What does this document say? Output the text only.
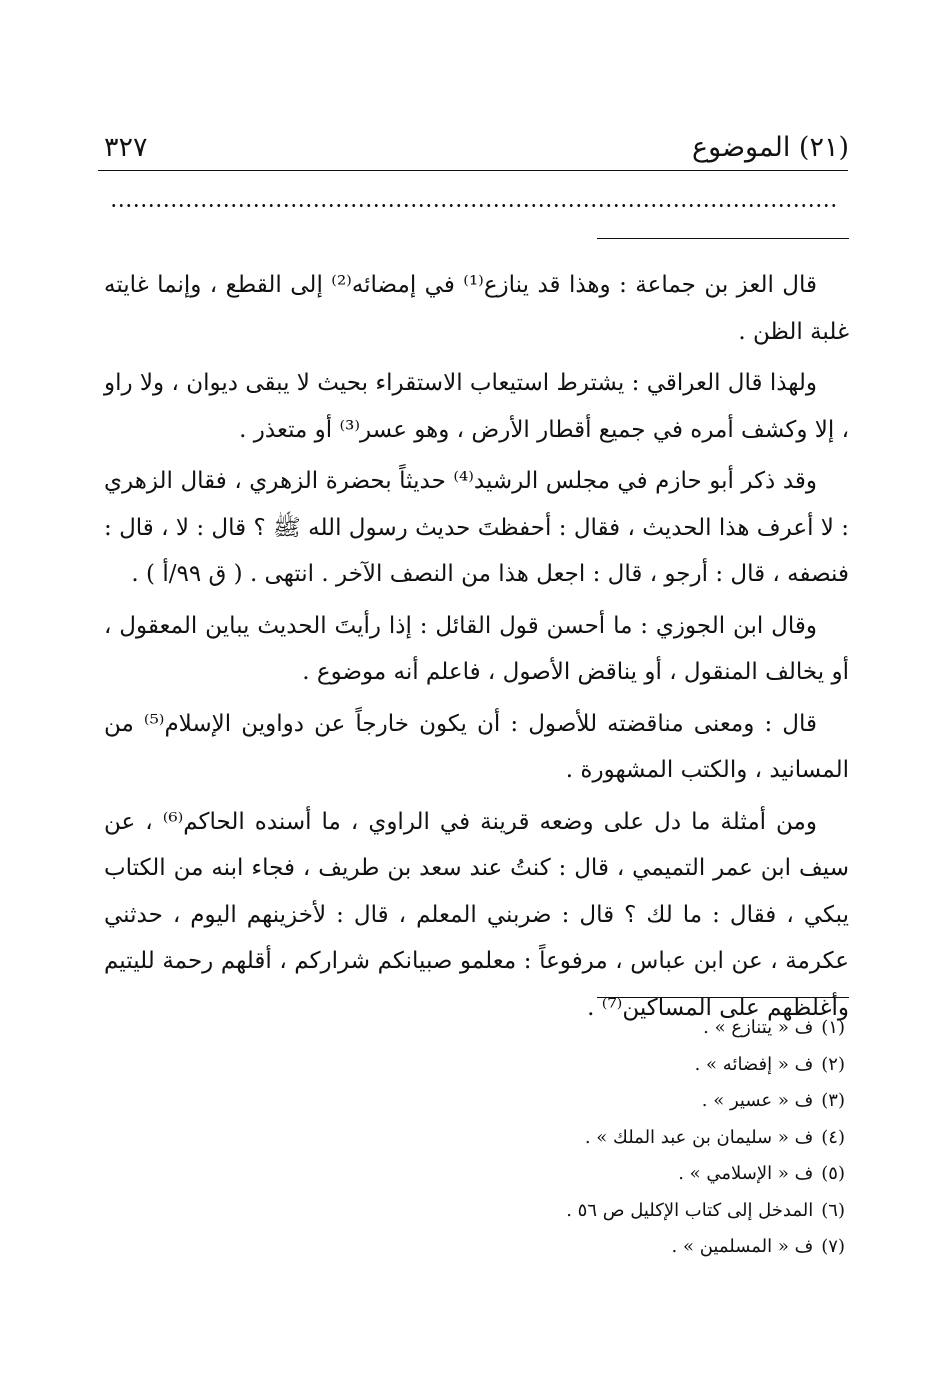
(٢١) الموضوع
٣٢٧

قال العز بن جماعة : وهذا قد ينازع⁽¹⁾ في إمضائه⁽²⁾ إلى القطع ، وإنما غايته غلبة الظن .

ولهذا قال العراقي : يشترط استيعاب الاستقراء بحيث لا يبقى ديوان ، ولا راو ، إلا وكشف أمره في جميع أقطار الأرض ، وهو عسر⁽³⁾ أو متعذر .

وقد ذكر أبو حازم في مجلس الرشيد⁽⁴⁾ حديثاً بحضرة الزهري ، فقال الزهري : لا أعرف هذا الحديث ، فقال : أحفظتَ حديث رسول الله ﷺ ؟ قال : لا ، قال : فنصفه ، قال : أرجو ، قال : اجعل هذا من النصف الآخر . انتهى . ( ق ٩٩/أ ) .

وقال ابن الجوزي : ما أحسن قول القائل : إذا رأيتَ الحديث يباين المعقول ، أو يخالف المنقول ، أو يناقض الأصول ، فاعلم أنه موضوع .

قال : ومعنى مناقضته للأصول : أن يكون خارجاً عن دواوين الإسلام⁽⁵⁾ من المسانيد ، والكتب المشهورة .

ومن أمثلة ما دل على وضعه قرينة في الراوي ، ما أسنده الحاكم⁽⁶⁾ ، عن سيف ابن عمر التميمي ، قال : كنتُ عند سعد بن طريف ، فجاء ابنه من الكتاب يبكي ، فقال : ما لك ؟ قال : ضربني المعلم ، قال : لأخزينهم اليوم ، حدثني عكرمة ، عن ابن عباس ، مرفوعاً : معلمو صبيانكم شراركم ، أقلهم رحمة لليتيم وأغلظهم على المساكين⁽⁷⁾ .

(١)ف « يتنازع » .
(٢)ف « إفضائه » .
(٣)ف « عسير » .
(٤)ف « سليمان بن عبد الملك » .
(٥)ف « الإسلامي » .
(٦)المدخل إلى كتاب الإكليل ص ٥٦ .
(٧)ف « المسلمين » .
